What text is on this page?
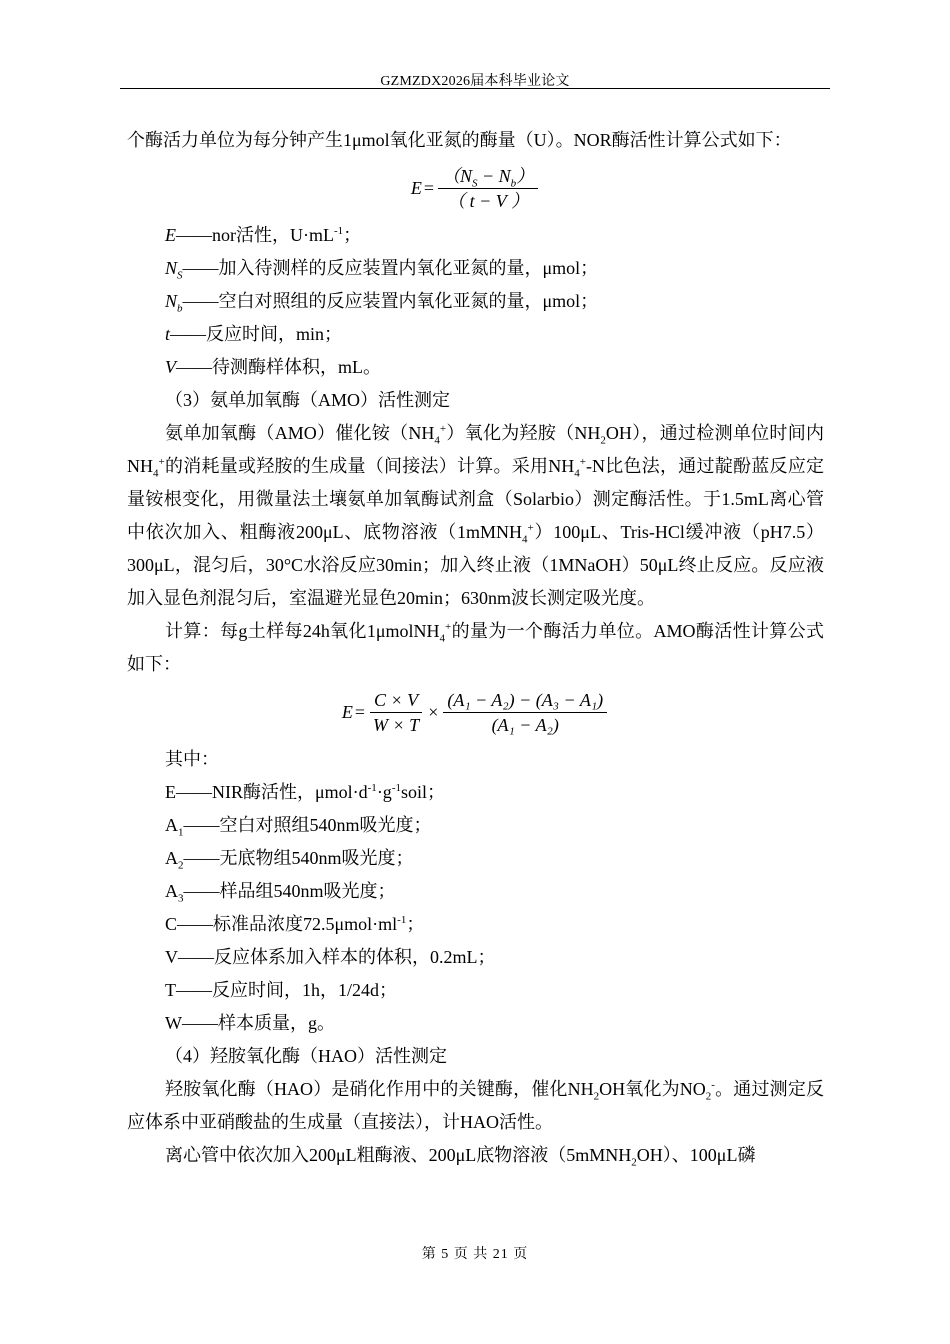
GZMZDX2026届本科毕业论文

个酶活力单位为每分钟产生1μmol氧化亚氮的酶量（U）。NOR酶活性计算公式如下：

$E = \frac{(N_S - N_b)}{( t - V )}$

E——nor活性，$U\cdot mL^{-1}$；

$N_S——$加入待测样的反应装置内氧化亚氮的量，μmol；

$N_b——$空白对照组的反应装置内氧化亚氮的量，μmol；

t——反应时间，min；

V——待测酶样体积，mL。

（3）氨单加氧酶（AMO）活性测定

氨单加氧酶（AMO）催化铵$(NH_4^+)$氧化为羟胺$(NH_2OH)$，通过检测单位时间内$NH_4^+$的消耗量或羟胺的生成量（间接法）计算。采用$NH_4^+-N$比色法，通过靛酚蓝反应定量铵根变化，用微量法土壤氨单加氧酶试剂盒（Solarbio）测定酶活性。于1.5mL离心管中依次加入、粗酶液200μL、底物溶液（1mMNH$_4$+）100μL、Tris-HCl缓冲液（pH7.5）300μL，混匀后，30°C水浴反应30min；加入终止液（1MNaOH）50μL终止反应。反应液加入显色剂混匀后，室温避光显色20min；630nm波长测定吸光度。

计算：每g土样每24h氧化1μmolNH$_4$+的量为一个酶活力单位。AMO酶活性计算公式如下：

$E = \frac{C \times V}{W \times T} \times \frac{\text{(A₁ − A₂) − (A₃ − A₁)}}{\text{(A₁ − A₂)}}$

其中：

E——NIR酶活性，$\mu mol\cdot d^{-1}\cdot g^{-1}soil$；

$A_1——$空白对照组540nm吸光度；

$A_2——$无底物组540nm吸光度；

$A_3——$样品组540nm吸光度；

C——标准品浓度$72.5\mu mol\cdot ml^{-1}$；

V——反应体系加入样本的体积，0.2mL；

T——反应时间，1h，1/24d；

W——样本质量，g。

（4）羟胺氧化酶（HAO）活性测定

羟胺氧化酶（HAO）是硝化作用中的关键酶，催化$NH_2OH$氧化为$NO_2^-$。通过测定反应体系中亚硝酸盐的生成量（直接法），计HAO活性。

离心管中依次加入200μL粗酶液、200μL底物溶液（5mMNH$_2$OH）、100μL磷

第 5 页 共 21 页
